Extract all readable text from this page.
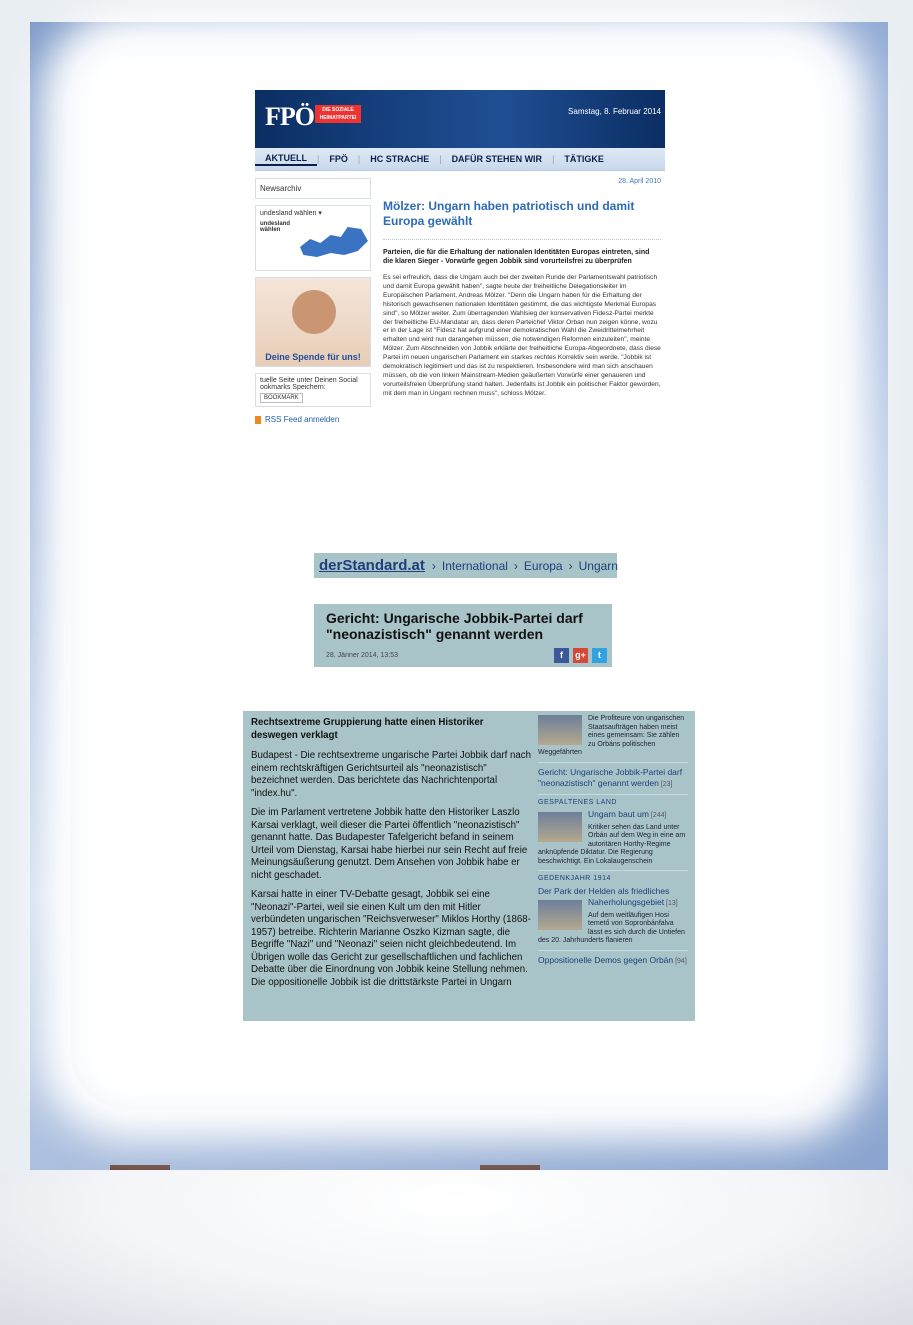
FPÖ	DIE SOZIALE HEIMATPARTEI
Samstag, 8. Februar 2014
AKTUELL	|	FPÖ	|	HC STRACHE	|	DAFÜR STEHEN WIR	|	TÄTIGKE
Newsarchiv
undesland wählen ▾
undesland wählen
Deine Spende für uns!
tuelle Seite unter Deinen Social ookmarks Speichern:
BOOKMARK
RSS Feed anmelden
28. April 2010
Mölzer: Ungarn haben patriotisch und damit Europa gewählt
Parteien, die für die Erhaltung der nationalen Identitäten Europas eintreten, sind die klaren Sieger - Vorwürfe gegen Jobbik sind vorurteilsfrei zu überprüfen
Es sei erfreulich, dass die Ungarn auch bei der zweiten Runde der Parlamentswahl patriotisch und damit Europa gewählt haben", sagte heute der freiheitliche Delegationsleiter im Europäischen Parlament, Andreas Mölzer. "Denn die Ungarn haben für die Erhaltung der historisch gewachsenen nationalen Identitäten gestimmt, die das wichtigste Merkmal Europas sind", so Mölzer weiter. Zum überragenden Wahlsieg der konservativen Fidesz-Partei merkte der freiheitliche EU-Mandatar an, dass deren Parteichef Viktor Orban nun zeigen könne, wozu er in der Lage ist "Fidesz hat aufgrund einer demokratischen Wahl die Zweidrittelmehrheit erhalten und wird nun darangehen müssen, die notwendigen Reformen einzuleiten", meinte Mölzer. Zum Abschneiden von Jobbik erklärte der freiheitliche Europa-Abgeordnete, dass diese Partei im neuen ungarischen Parlament ein starkes rechtes Korrektiv sein werde. "Jobbik ist demokratisch legitimiert und das ist zu respektieren. Insbesondere wird man sich anschauen müssen, ob die von linken Mainstream-Medien geäußerten Vorwürfe einer genaueren und vorurteilsfreien Überprüfung stand halten. Jedenfalls ist Jobbik ein politischer Faktor geworden, mit dem man in Ungarn rechnen muss", schloss Mölzer.
derStandard.at › International › Europa › Ungarn
Gericht: Ungarische Jobbik-Partei darf "neonazistisch" genannt werden
28. Jänner 2014, 13:53	f	g+	t
Rechtsextreme Gruppierung hatte einen Historiker deswegen verklagt

Budapest - Die rechtsextreme ungarische Partei Jobbik darf nach einem rechtskräftigen Gerichtsurteil als "neonazistisch" bezeichnet werden. Das berichtete das Nachrichtenportal "index.hu".

Die im Parlament vertretene Jobbik hatte den Historiker Laszlo Karsai verklagt, weil dieser die Partei öffentlich "neonazistisch" genannt hatte. Das Budapester Tafelgericht befand in seinem Urteil vom Dienstag, Karsai habe hierbei nur sein Recht auf freie Meinungsäußerung genutzt. Dem Ansehen von Jobbik habe er nicht geschadet.

Karsai hatte in einer TV-Debatte gesagt, Jobbik sei eine "Neonazi"-Partei, weil sie einen Kult um den mit Hitler verbündeten ungarischen "Reichsverweser" Miklos Horthy (1868-1957) betreibe. Richterin Marianne Oszko Kizman sagte, die Begriffe "Nazi" und "Neonazi" seien nicht gleichbedeutend. Im Übrigen wolle das Gericht zur gesellschaftlichen und fachlichen Debatte über die Einordnung von Jobbik keine Stellung nehmen. Die oppositionelle Jobbik ist die drittstärkste Partei in Ungarn

Die Profiteure von ungarischen Staatsaufträgen haben meist eines gemeinsam: Sie zählen zu Orbáns politischen Weggefährten
Gericht: Ungarische Jobbik-Partei darf "neonazistisch" genannt werden [23]
GESPALTENES LAND
Ungarn baut um [244]
Kritiker sehen das Land unter Orbán auf dem Weg in eine am autoritären Horthy-Regime anknüpfende Diktatur. Die Regierung beschwichtigt. Ein Lokalaugenschein
GEDENKJAHR 1914
Der Park der Helden als friedliches Naherholungsgebiet [13]
Auf dem weitläufigen Hosi temető von Sopronbánfalva lässt es sich durch die Untiefen des 20. Jahrhunderts flanieren
Oppositionelle Demos gegen Orbán [94]
